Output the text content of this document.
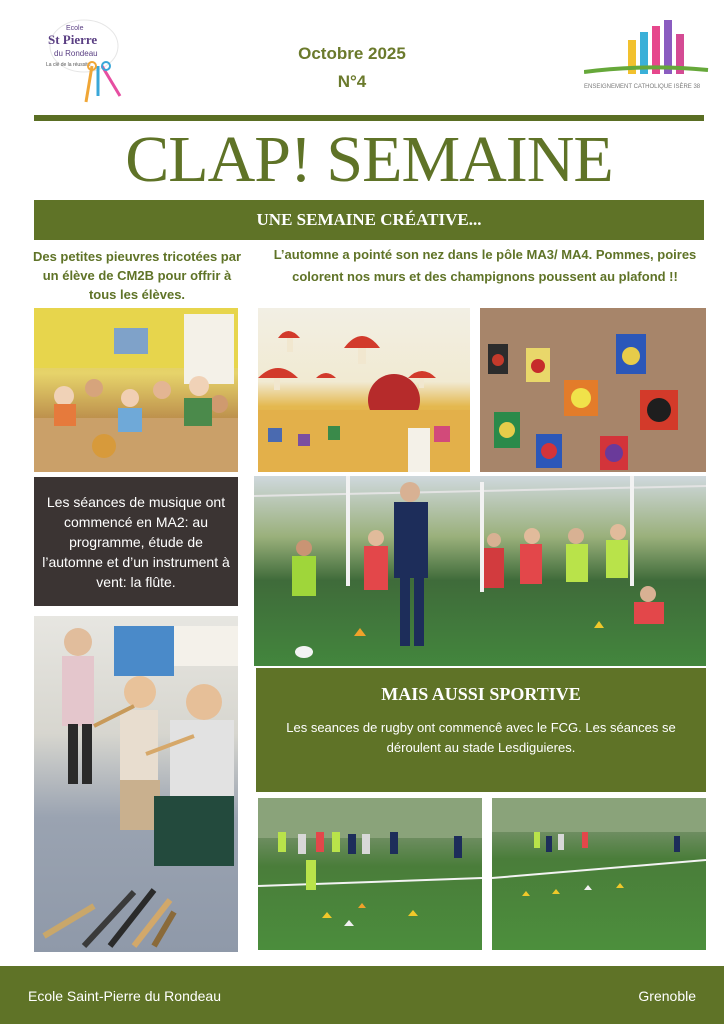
Ecole
St Pierre
du Rondeau
La clé de la réussite
Octobre 2025
N°4	ENSEIGNEMENT CATHOLIQUE ISÈRE 38
CLAP! SEMAINE
UNE SEMAINE CRÉATIVE...
Des petites pieuvres tricotées par un élève de CM2B pour offrir à tous les élèves.
L’automne a pointé son nez dans le pôle MA3/ MA4. Pommes, poires colorent nos murs et des champignons poussent au plafond !!
Les séances de musique ont commencé en MA2: au programme, étude de l’automne et d’un instrument à vent: la flûte.
MAIS AUSSI SPORTIVE
Les seances de rugby ont commencê avec le FCG. Les séances se déroulent au stade Lesdiguieres.
Ecole Saint-Pierre du Rondeau	Grenoble
